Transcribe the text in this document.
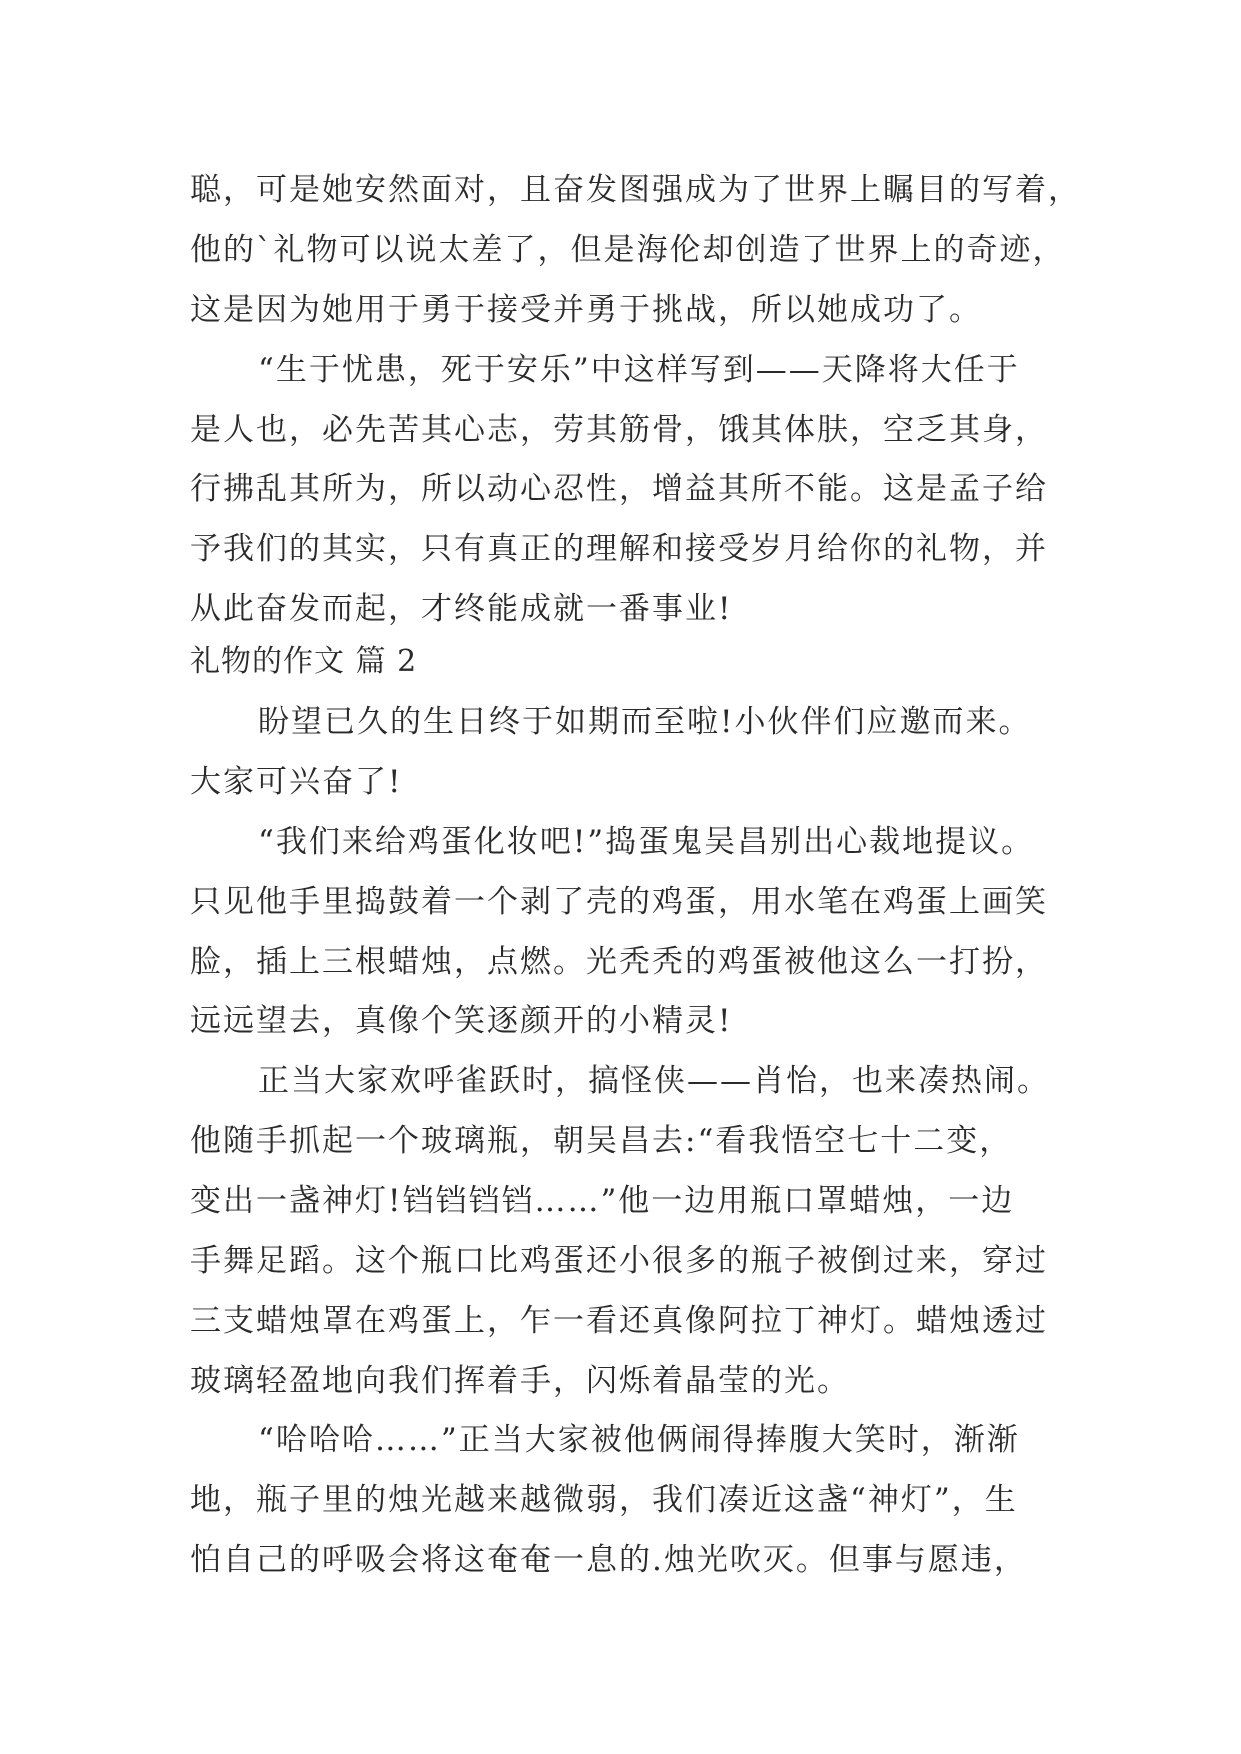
聪，可是她安然面对，且奋发图强成为了世界上瞩目的写着，
他的`礼物可以说太差了，但是海伦却创造了世界上的奇迹，
这是因为她用于勇于接受并勇于挑战，所以她成功了。
“生于忧患，死于安乐”中这样写到——天降将大任于
是人也，必先苦其心志，劳其筋骨，饿其体肤，空乏其身，
行拂乱其所为，所以动心忍性，增益其所不能。这是孟子给
予我们的其实，只有真正的理解和接受岁月给你的礼物，并
从此奋发而起，才终能成就一番事业!
礼物的作文 篇 2
盼望已久的生日终于如期而至啦!小伙伴们应邀而来。
大家可兴奋了!
“我们来给鸡蛋化妆吧!”捣蛋鬼吴昌别出心裁地提议。
只见他手里捣鼓着一个剥了壳的鸡蛋，用水笔在鸡蛋上画笑
脸，插上三根蜡烛，点燃。光秃秃的鸡蛋被他这么一打扮，
远远望去，真像个笑逐颜开的小精灵!
正当大家欢呼雀跃时，搞怪侠——肖怡，也来凑热闹。
他随手抓起一个玻璃瓶，朝吴昌去:“看我悟空七十二变，
变出一盏神灯!铛铛铛铛……”他一边用瓶口罩蜡烛，一边
手舞足蹈。这个瓶口比鸡蛋还小很多的瓶子被倒过来，穿过
三支蜡烛罩在鸡蛋上，乍一看还真像阿拉丁神灯。蜡烛透过
玻璃轻盈地向我们挥着手，闪烁着晶莹的光。
“哈哈哈……”正当大家被他俩闹得捧腹大笑时，渐渐
地，瓶子里的烛光越来越微弱，我们凑近这盏“神灯”，生
怕自己的呼吸会将这奄奄一息的.烛光吹灭。但事与愿违，
